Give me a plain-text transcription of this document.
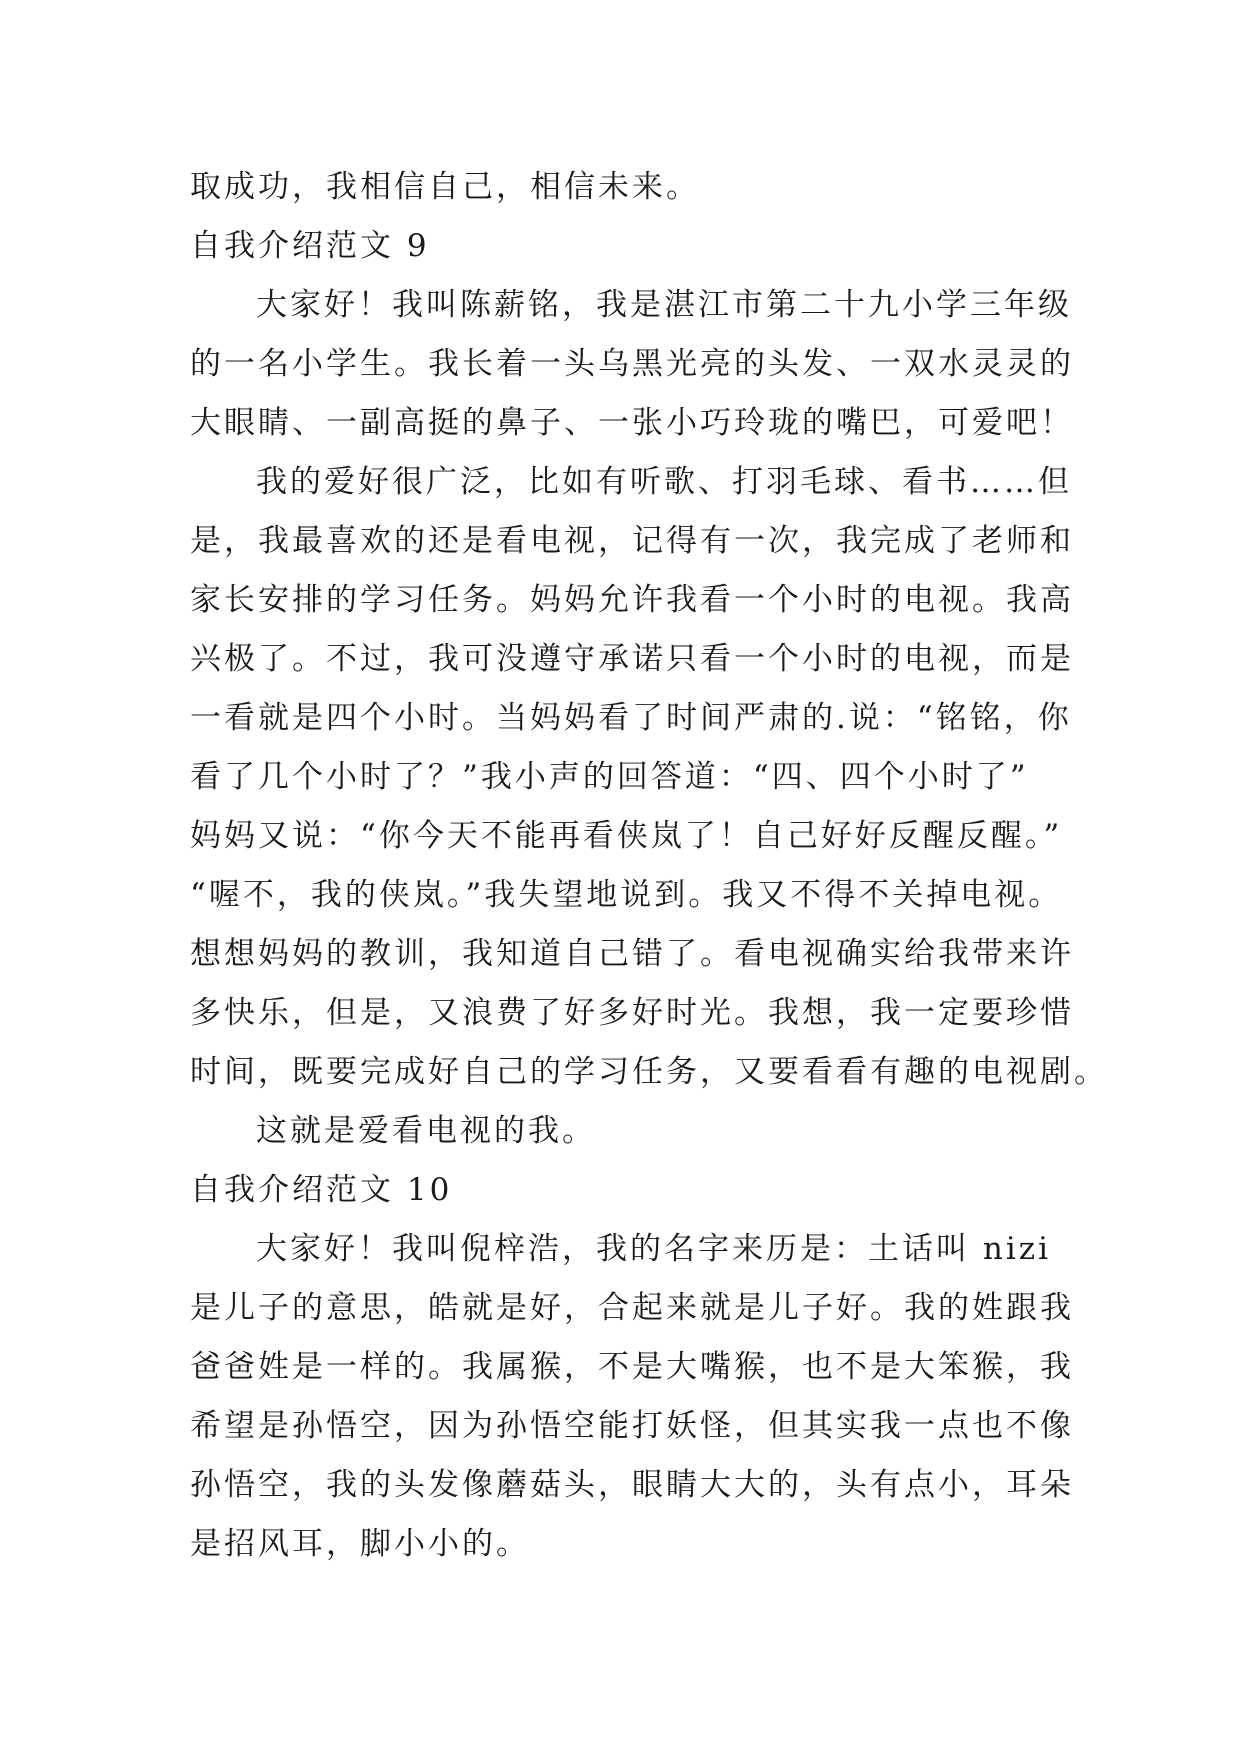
取成功，我相信自己，相信未来。
自我介绍范文 9
大家好！我叫陈薪铭，我是湛江市第二十九小学三年级
的一名小学生。我长着一头乌黑光亮的头发、一双水灵灵的
大眼睛、一副高挺的鼻子、一张小巧玲珑的嘴巴，可爱吧！
我的爱好很广泛，比如有听歌、打羽毛球、看书……但
是，我最喜欢的还是看电视，记得有一次，我完成了老师和
家长安排的学习任务。妈妈允许我看一个小时的电视。我高
兴极了。不过，我可没遵守承诺只看一个小时的电视，而是
一看就是四个小时。当妈妈看了时间严肃的.说：“铭铭，你
看了几个小时了？”我小声的回答道：“四、四个小时了”
妈妈又说：“你今天不能再看侠岚了！自己好好反醒反醒。”
“喔不，我的侠岚。”我失望地说到。我又不得不关掉电视。
想想妈妈的教训，我知道自己错了。看电视确实给我带来许
多快乐，但是，又浪费了好多好时光。我想，我一定要珍惜
时间，既要完成好自己的学习任务，又要看看有趣的电视剧。
这就是爱看电视的我。
自我介绍范文 10
大家好！我叫倪梓浩，我的名字来历是：土话叫 nizi
是儿子的意思，皓就是好，合起来就是儿子好。我的姓跟我
爸爸姓是一样的。我属猴，不是大嘴猴，也不是大笨猴，我
希望是孙悟空，因为孙悟空能打妖怪，但其实我一点也不像
孙悟空，我的头发像蘑菇头，眼睛大大的，头有点小，耳朵
是招风耳，脚小小的。
